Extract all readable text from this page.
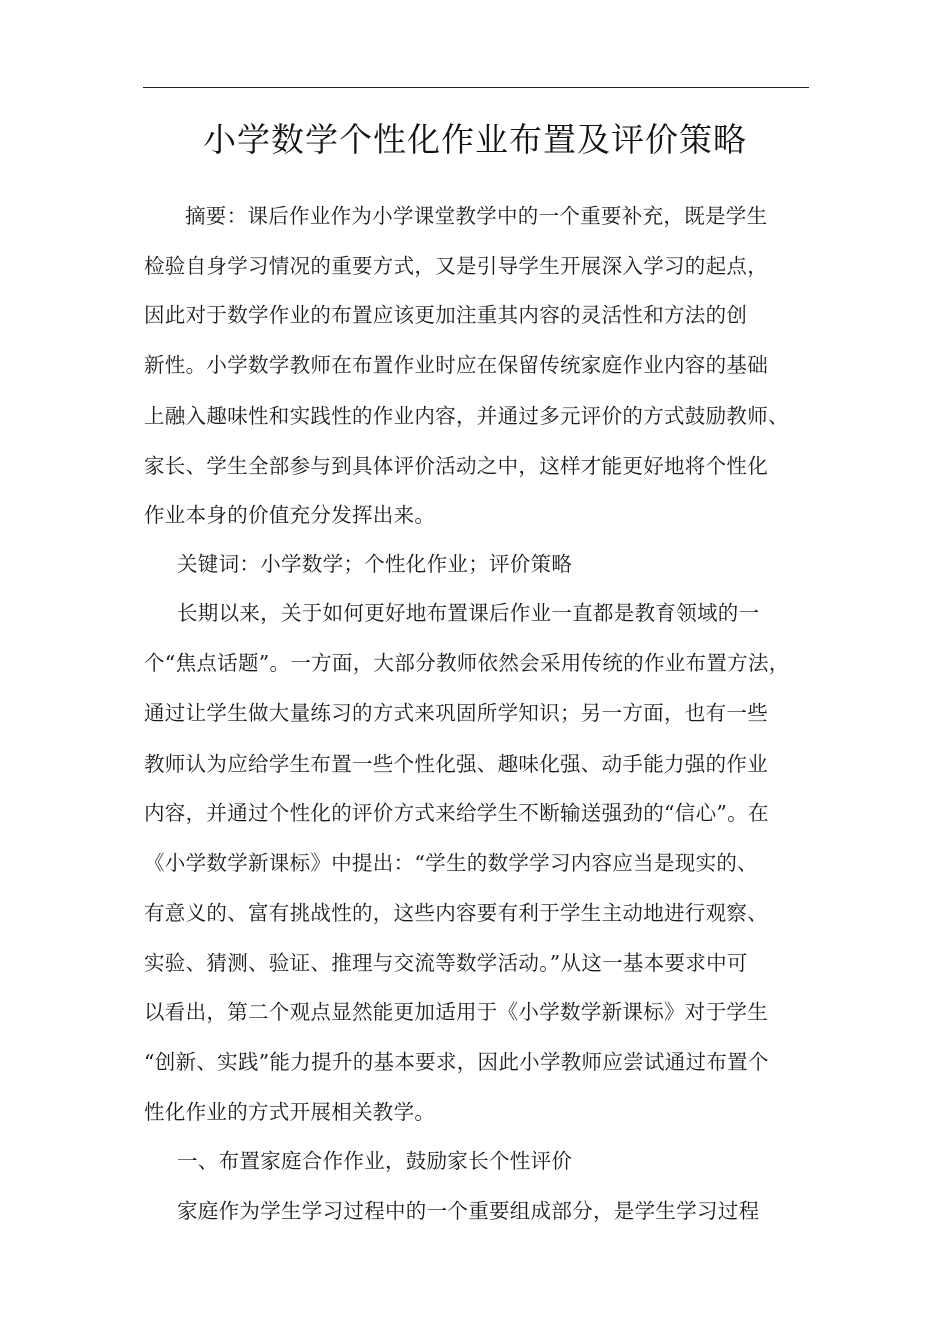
小学数学个性化作业布置及评价策略
摘要：课后作业作为小学课堂教学中的一个重要补充，既是学生
检验自身学习情况的重要方式，又是引导学生开展深入学习的起点，
因此对于数学作业的布置应该更加注重其内容的灵活性和方法的创
新性。小学数学教师在布置作业时应在保留传统家庭作业内容的基础
上融入趣味性和实践性的作业内容，并通过多元评价的方式鼓励教师、
家长、学生全部参与到具体评价活动之中，这样才能更好地将个性化
作业本身的价值充分发挥出来。
关键词：小学数学；个性化作业；评价策略
长期以来，关于如何更好地布置课后作业一直都是教育领域的一
个“焦点话题”。一方面，大部分教师依然会采用传统的作业布置方法，
通过让学生做大量练习的方式来巩固所学知识；另一方面，也有一些
教师认为应给学生布置一些个性化强、趣味化强、动手能力强的作业
内容，并通过个性化的评价方式来给学生不断输送强劲的“信心”。在
《小学数学新课标》中提出：“学生的数学学习内容应当是现实的、
有意义的、富有挑战性的，这些内容要有利于学生主动地进行观察、
实验、猜测、验证、推理与交流等数学活动。”从这一基本要求中可
以看出，第二个观点显然能更加适用于《小学数学新课标》对于学生
“创新、实践”能力提升的基本要求，因此小学教师应尝试通过布置个
性化作业的方式开展相关教学。
一、布置家庭合作作业，鼓励家长个性评价
家庭作为学生学习过程中的一个重要组成部分，是学生学习过程
